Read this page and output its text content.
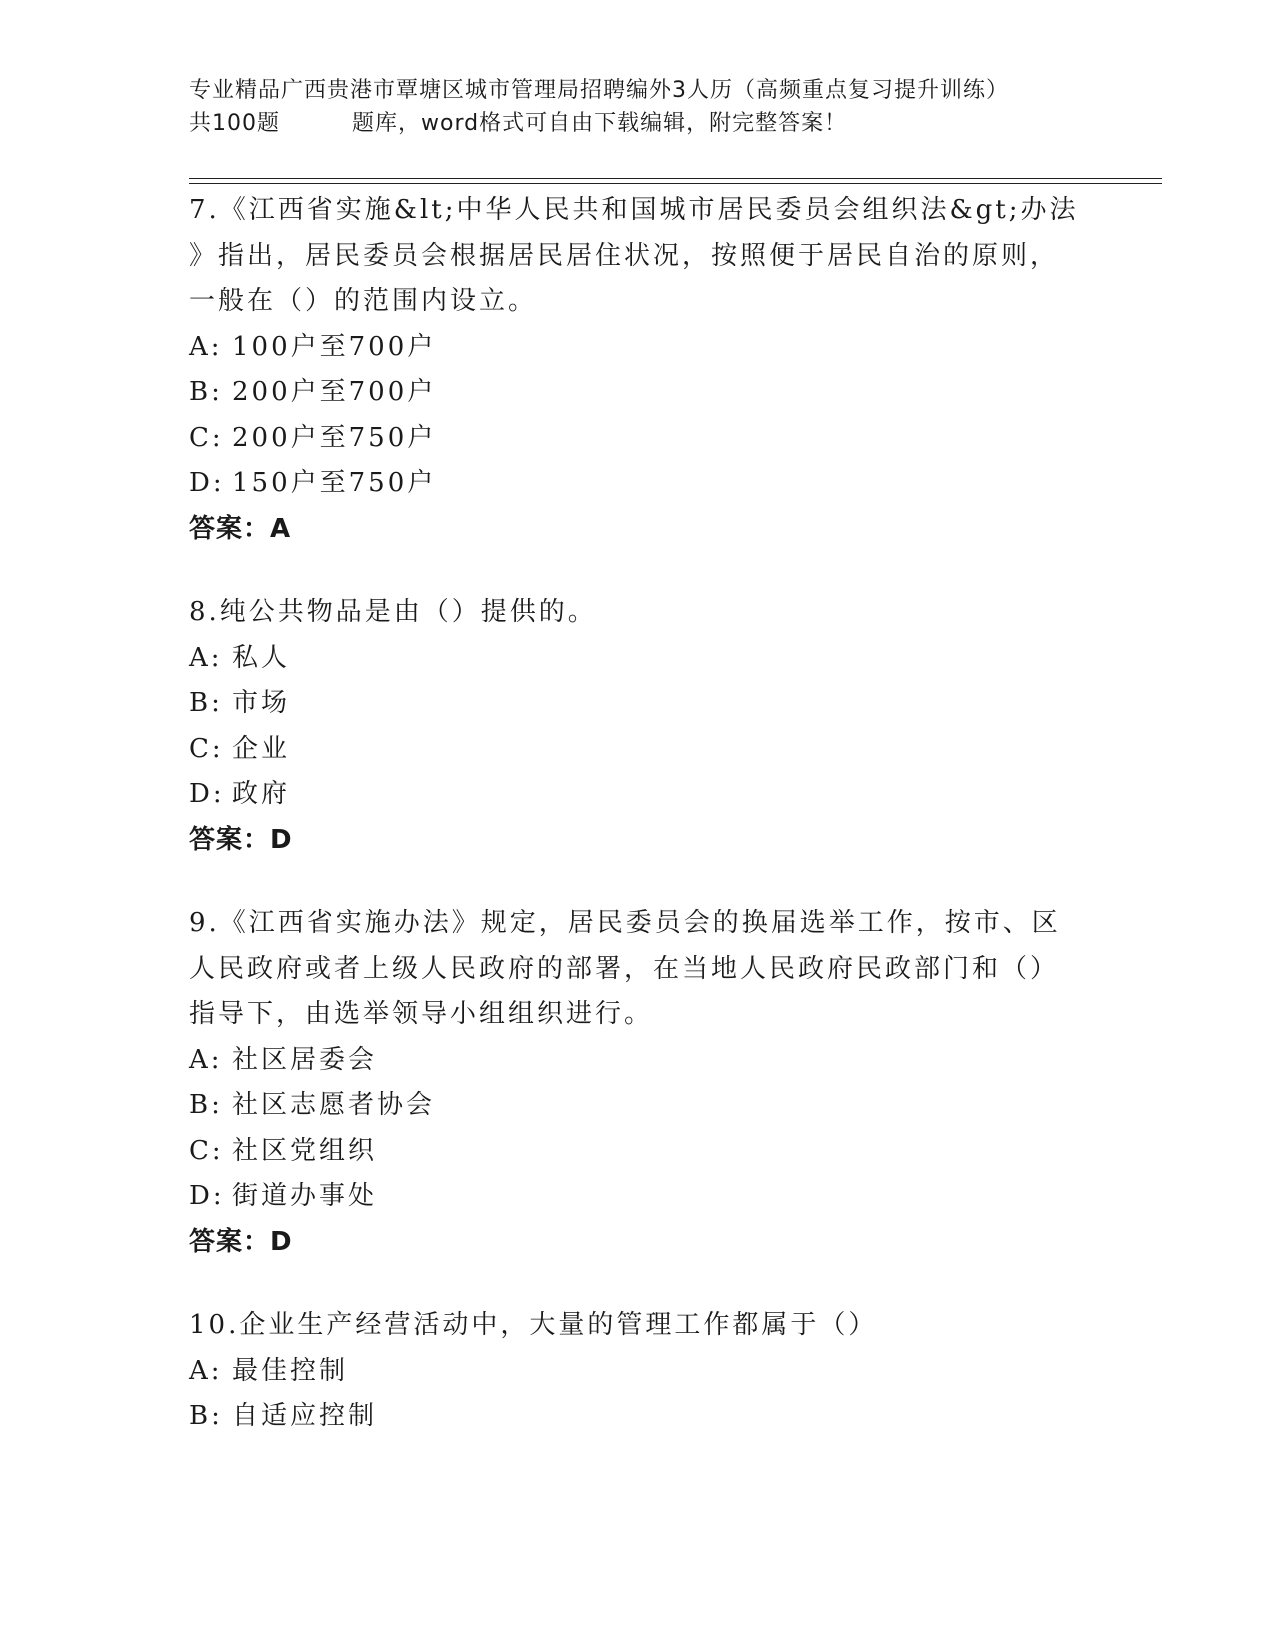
专业精品广西贵港市覃塘区城市管理局招聘编外3人历（高频重点复习提升训练）
共100题	题库，word格式可自由下载编辑，附完整答案！

7.《江西省实施&lt;中华人民共和国城市居民委员会组织法&gt;办法

》指出，居民委员会根据居民居住状况，按照便于居民自治的原则，

一般在（）的范围内设立。

A: 100户至700户

B: 200户至700户

C: 200户至750户

D: 150户至750户

答案：A

8.纯公共物品是由（）提供的。

A: 私人

B: 市场

C: 企业

D: 政府

答案：D

9.《江西省实施办法》规定，居民委员会的换届选举工作，按市、区

人民政府或者上级人民政府的部署，在当地人民政府民政部门和（）

指导下，由选举领导小组组织进行。

A: 社区居委会

B: 社区志愿者协会

C: 社区党组织

D: 街道办事处

答案：D

10.企业生产经营活动中，大量的管理工作都属于（）

A: 最佳控制

B: 自适应控制
